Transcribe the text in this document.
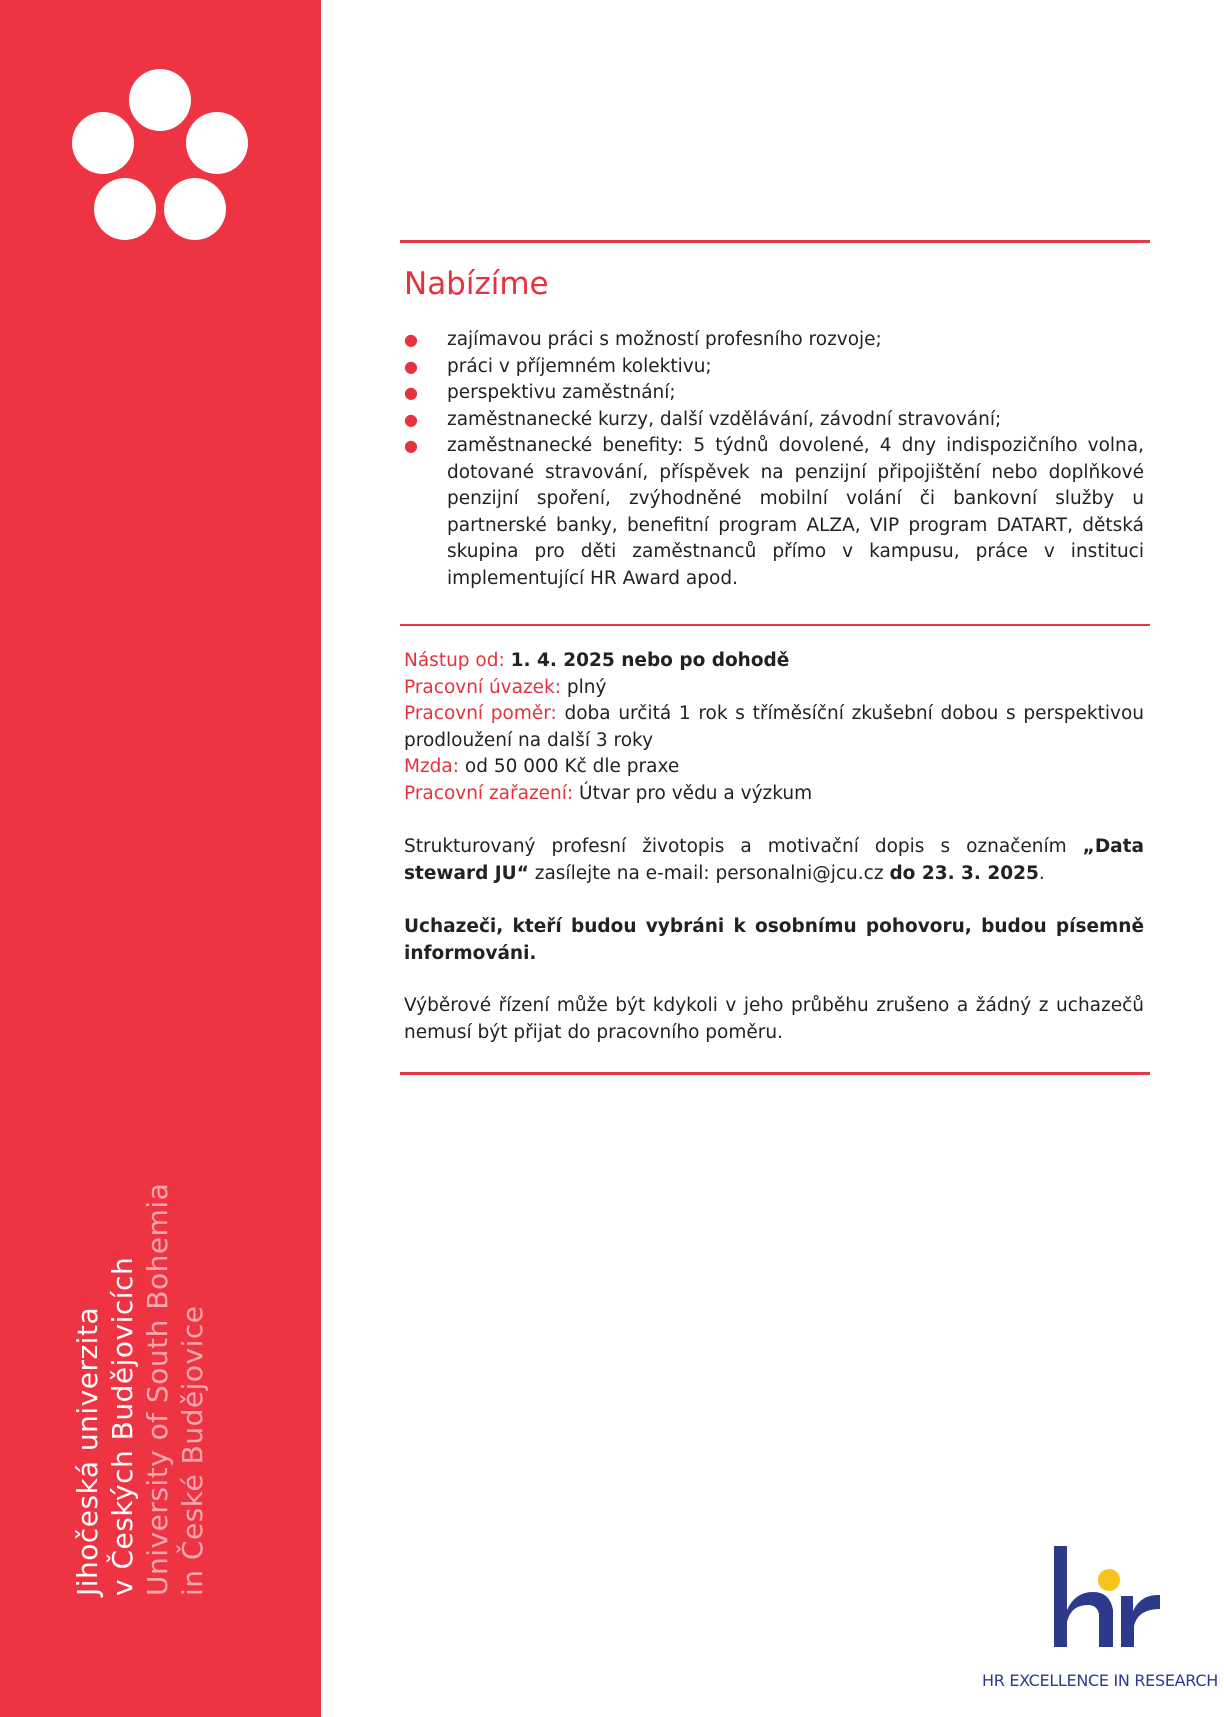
Jihočeská univerzita v Českých Budějovicích University of South Bohemia in České Budějovice
Nabízíme
● zajímavou práci s možností profesního rozvoje;
● práci v příjemném kolektivu;
● perspektivu zaměstnání;
● zaměstnanecké kurzy, další vzdělávání, závodní stravování;
● zaměstnanecké benefity: 5 týdnů dovolené, 4 dny indispozičního volna, dotované stravování, příspěvek na penzijní připojištění nebo doplňkové penzijní spoření, zvýhodněné mobilní volání či bankovní služby u partnerské banky, benefitní program ALZA, VIP program DATART, dětská skupina pro děti zaměstnanců přímo v kampusu, práce v instituci implementující HR Award apod.
Nástup od: 1. 4. 2025 nebo po dohodě
Pracovní úvazek: plný
Pracovní poměr: doba určitá 1 rok s tříměsíční zkušební dobou s perspektivou prodloužení na další 3 roky
Mzda: od 50 000 Kč dle praxe
Pracovní zařazení: Útvar pro vědu a výzkum
Strukturovaný profesní životopis a motivační dopis s označením „Data steward JU“ zasílejte na e-mail: personalni@jcu.cz do 23. 3. 2025.
Uchazeči, kteří budou vybráni k osobnímu pohovoru, budou písemně informováni.
Výběrové řízení může být kdykoli v jeho průběhu zrušeno a žádný z uchazečů nemusí být přijat do pracovního poměru.
HR EXCELLENCE IN RESEARCH
